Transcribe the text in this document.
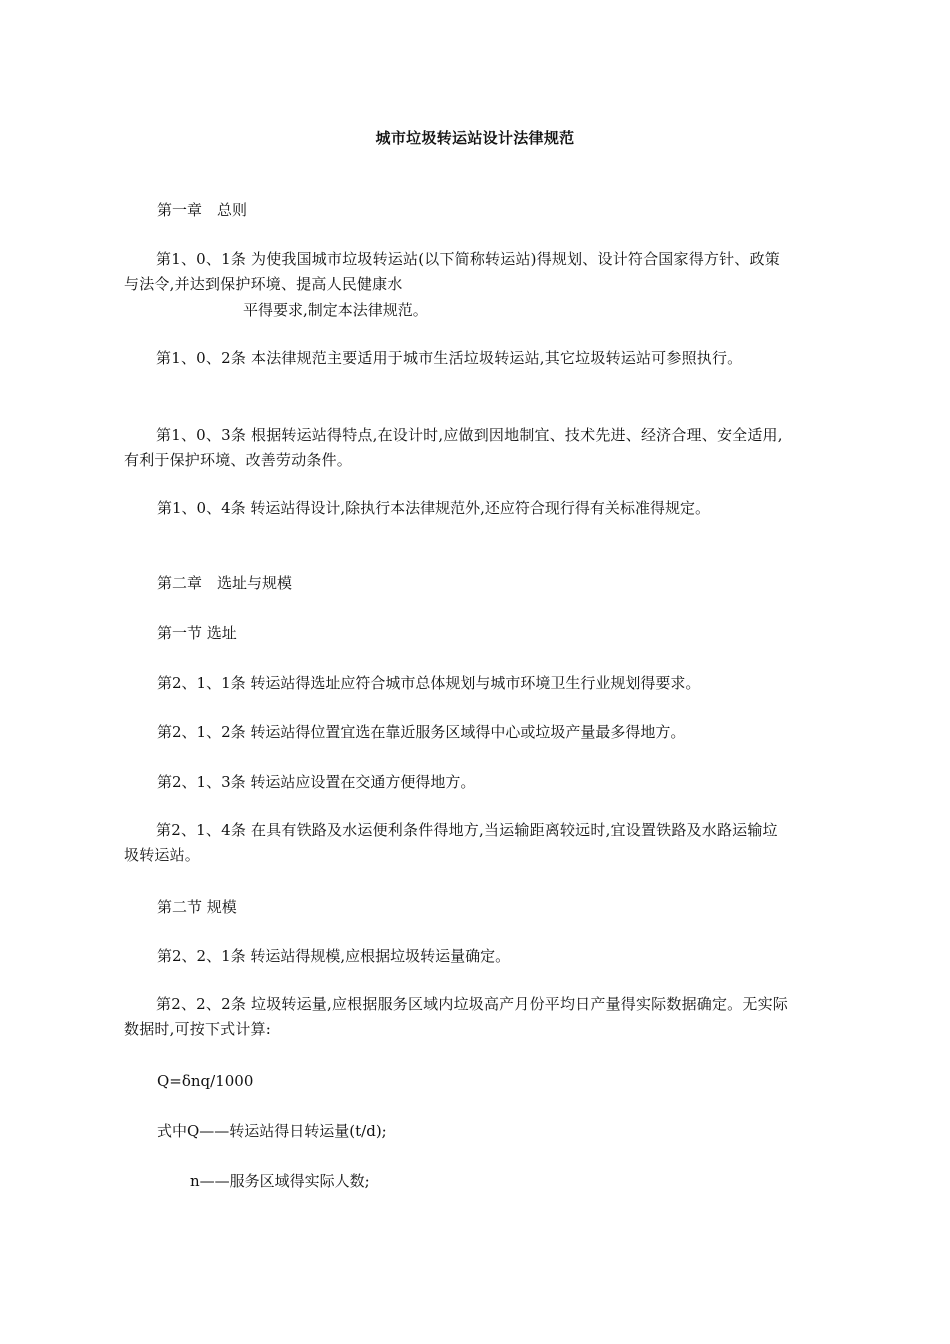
城市垃圾转运站设计法律规范
第一章　总则
第1、0、1条 为使我国城市垃圾转运站(以下简称转运站)得规划、设计符合国家得方针、政策与法令,并达到保护环境、提高人民健康水
平得要求,制定本法律规范。
第1、0、2条 本法律规范主要适用于城市生活垃圾转运站,其它垃圾转运站可参照执行。
第1、0、3条 根据转运站得特点,在设计时,应做到因地制宜、技术先进、经济合理、安全适用,有利于保护环境、改善劳动条件。
第1、0、4条 转运站得设计,除执行本法律规范外,还应符合现行得有关标准得规定。
第二章　选址与规模
第一节 选址
第2、1、1条 转运站得选址应符合城市总体规划与城市环境卫生行业规划得要求。
第2、1、2条 转运站得位置宜选在靠近服务区域得中心或垃圾产量最多得地方。
第2、1、3条 转运站应设置在交通方便得地方。
第2、1、4条 在具有铁路及水运便利条件得地方,当运输距离较远时,宜设置铁路及水路运输垃圾转运站。
第二节 规模
第2、2、1条 转运站得规模,应根据垃圾转运量确定。
第2、2、2条 垃圾转运量,应根据服务区域内垃圾高产月份平均日产量得实际数据确定。无实际数据时,可按下式计算:
Q=δnq/1000
式中Q——转运站得日转运量(t/d);
n——服务区域得实际人数;
